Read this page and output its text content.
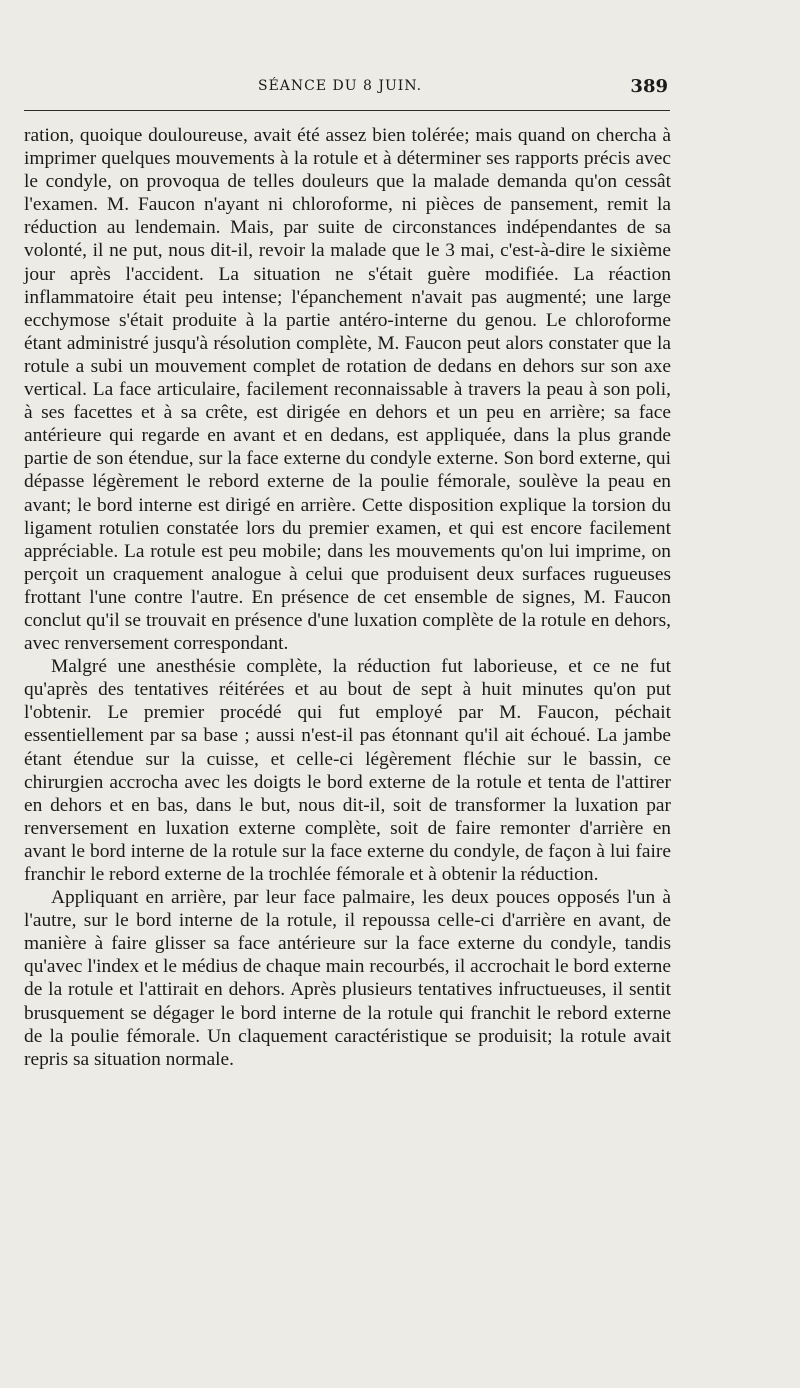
SÉANCE DU 8 JUIN.	389

ration, quoique douloureuse, avait été assez bien tolérée; mais quand on chercha à imprimer quelques mouvements à la rotule et à déterminer ses rapports précis avec le condyle, on provoqua de telles douleurs que la malade demanda qu'on cessât l'examen. M. Faucon n'ayant ni chloroforme, ni pièces de pansement, remit la réduction au lendemain. Mais, par suite de circonstances indépendantes de sa volonté, il ne put, nous dit-il, revoir la malade que le 3 mai, c'est-à-dire le sixième jour après l'accident. La situation ne s'était guère modifiée. La réaction inflammatoire était peu intense; l'épanchement n'avait pas augmenté; une large ecchymose s'était produite à la partie antéro-interne du genou. Le chloroforme étant administré jusqu'à résolution complète, M. Faucon peut alors constater que la rotule a subi un mouvement complet de rotation de dedans en dehors sur son axe vertical. La face articulaire, facilement reconnaissable à travers la peau à son poli, à ses facettes et à sa crête, est dirigée en dehors et un peu en arrière; sa face antérieure qui regarde en avant et en dedans, est appliquée, dans la plus grande partie de son étendue, sur la face externe du condyle externe. Son bord externe, qui dépasse légèrement le rebord externe de la poulie fémorale, soulève la peau en avant; le bord interne est dirigé en arrière. Cette disposition explique la torsion du ligament rotulien constatée lors du premier examen, et qui est encore facilement appréciable. La rotule est peu mobile; dans les mouvements qu'on lui imprime, on perçoit un craquement analogue à celui que produisent deux surfaces rugueuses frottant l'une contre l'autre. En présence de cet ensemble de signes, M. Faucon conclut qu'il se trouvait en présence d'une luxation complète de la rotule en dehors, avec renversement correspondant.

Malgré une anesthésie complète, la réduction fut laborieuse, et ce ne fut qu'après des tentatives réitérées et au bout de sept à huit minutes qu'on put l'obtenir. Le premier procédé qui fut employé par M. Faucon, péchait essentiellement par sa base ; aussi n'est-il pas étonnant qu'il ait échoué. La jambe étant étendue sur la cuisse, et celle-ci légèrement fléchie sur le bassin, ce chirurgien accrocha avec les doigts le bord externe de la rotule et tenta de l'attirer en dehors et en bas, dans le but, nous dit-il, soit de transformer la luxation par renversement en luxation externe complète, soit de faire remonter d'arrière en avant le bord interne de la rotule sur la face externe du condyle, de façon à lui faire franchir le rebord externe de la trochlée fémorale et à obtenir la réduction.

Appliquant en arrière, par leur face palmaire, les deux pouces opposés l'un à l'autre, sur le bord interne de la rotule, il repoussa celle-ci d'arrière en avant, de manière à faire glisser sa face antérieure sur la face externe du condyle, tandis qu'avec l'index et le médius de chaque main recourbés, il accrochait le bord externe de la rotule et l'attirait en dehors. Après plusieurs tentatives infructueuses, il sentit brusquement se dégager le bord interne de la rotule qui franchit le rebord externe de la poulie fémorale. Un claquement caractéristique se produisit; la rotule avait repris sa situation normale.
